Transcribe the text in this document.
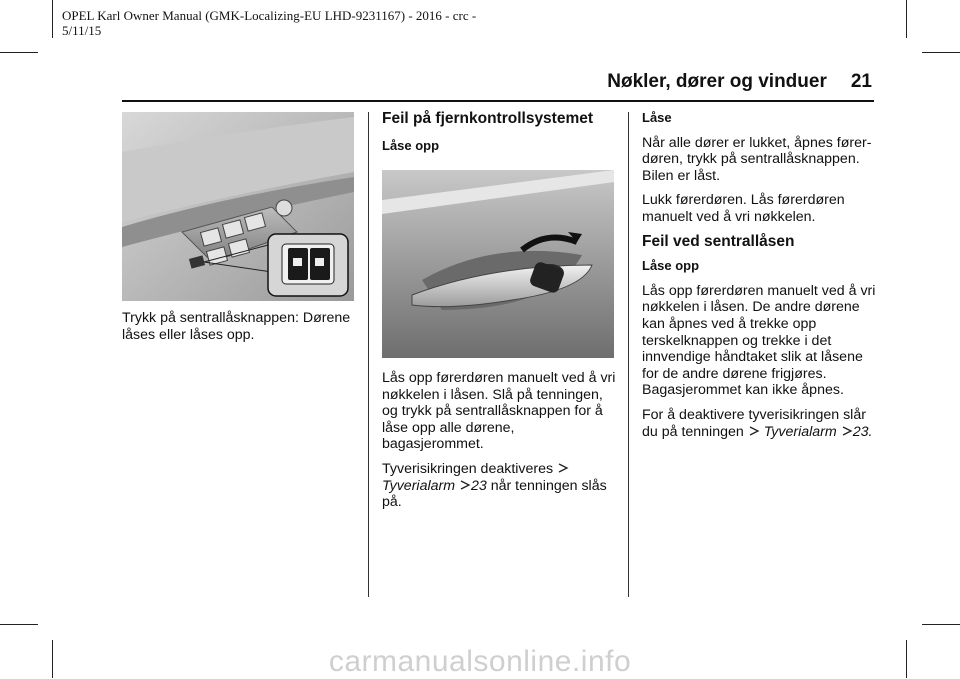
OPEL Karl Owner Manual (GMK-Localizing-EU LHD-9231167) - 2016 - crc -
5/11/15
Nøkler, dører og vinduer 21

Trykk på sentrallåsknappen: Dørene låses eller låses opp.

Feil på fjernkontrollsystemet
Låse opp

Lås opp førerdøren manuelt ved å vri nøkkelen i låsen. Slå på tenningen, og trykk på sentrallåsknappen for å låse opp alle dørene, bagasjerommet.

Tyverisikringen deaktiveres
Tyverialarm 23 når tenningen slås på.

Låse

Når alle dører er lukket, åpnes førerdøren, trykk på sentrallåsknappen. Bilen er låst.

Lukk førerdøren. Lås førerdøren manuelt ved å vri nøkkelen.

Feil ved sentrallåsen
Låse opp

Lås opp førerdøren manuelt ved å vri nøkkelen i låsen. De andre dørene kan åpnes ved å trekke opp terskelknappen og trekke i det innvendige håndtaket slik at låsene for de andre dørene frigjøres. Bagasjerommet kan ikke åpnes.

For å deaktivere tyverisikringen slår du på tenningen Tyverialarm 23.

carmanualsonline.info
